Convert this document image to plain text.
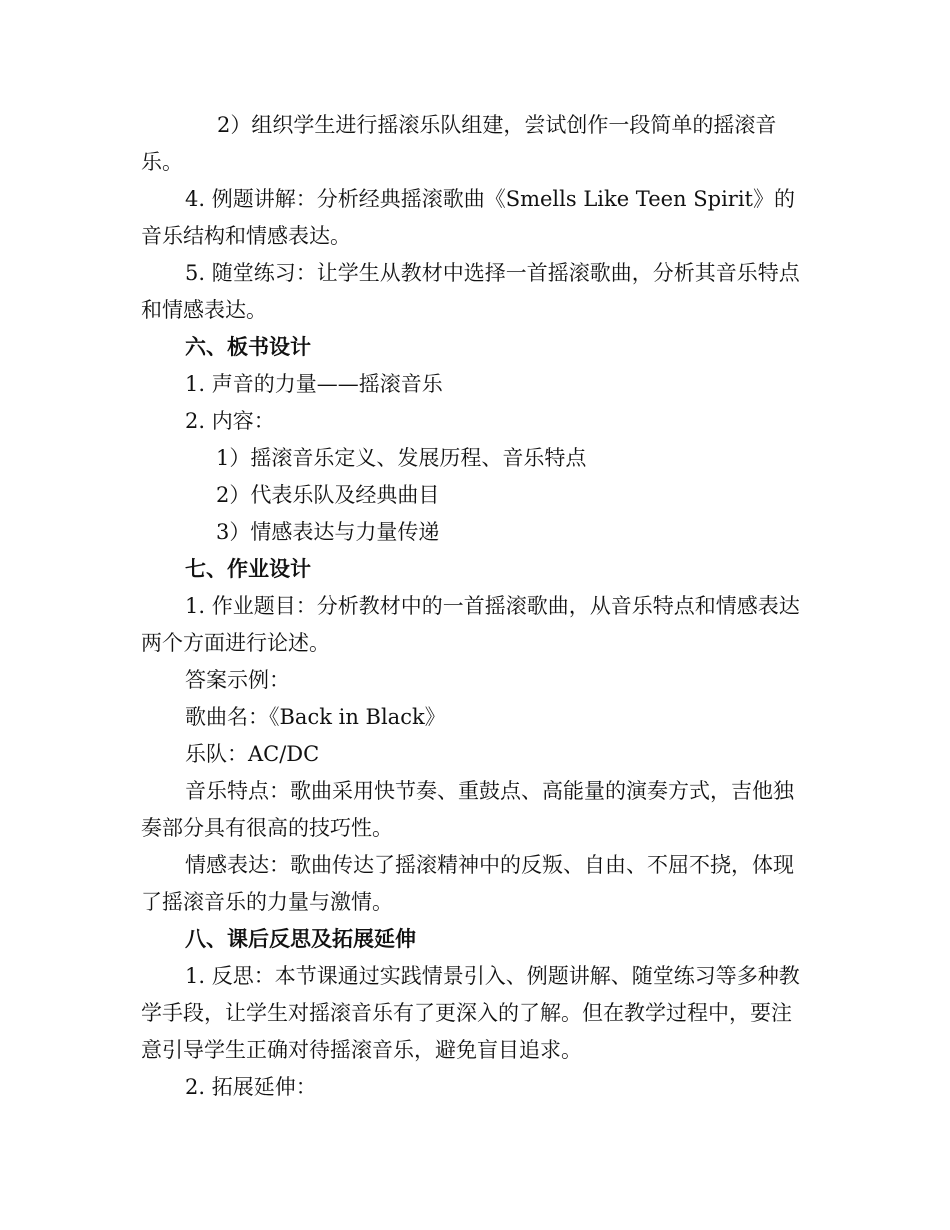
2）组织学生进行摇滚乐队组建，尝试创作一段简单的摇滚音乐。

4. 例题讲解：分析经典摇滚歌曲《Smells Like Teen Spirit》的音乐结构和情感表达。

5. 随堂练习：让学生从教材中选择一首摇滚歌曲，分析其音乐特点和情感表达。

六、板书设计

1. 声音的力量——摇滚音乐

2. 内容：

1）摇滚音乐定义、发展历程、音乐特点

2）代表乐队及经典曲目

3）情感表达与力量传递

七、作业设计

1. 作业题目：分析教材中的一首摇滚歌曲，从音乐特点和情感表达两个方面进行论述。

答案示例：

歌曲名：《Back in Black》

乐队：AC/DC

音乐特点：歌曲采用快节奏、重鼓点、高能量的演奏方式，吉他独奏部分具有很高的技巧性。

情感表达：歌曲传达了摇滚精神中的反叛、自由、不屈不挠，体现了摇滚音乐的力量与激情。

八、课后反思及拓展延伸

1. 反思：本节课通过实践情景引入、例题讲解、随堂练习等多种教学手段，让学生对摇滚音乐有了更深入的了解。但在教学过程中，要注意引导学生正确对待摇滚音乐，避免盲目追求。

2. 拓展延伸：
